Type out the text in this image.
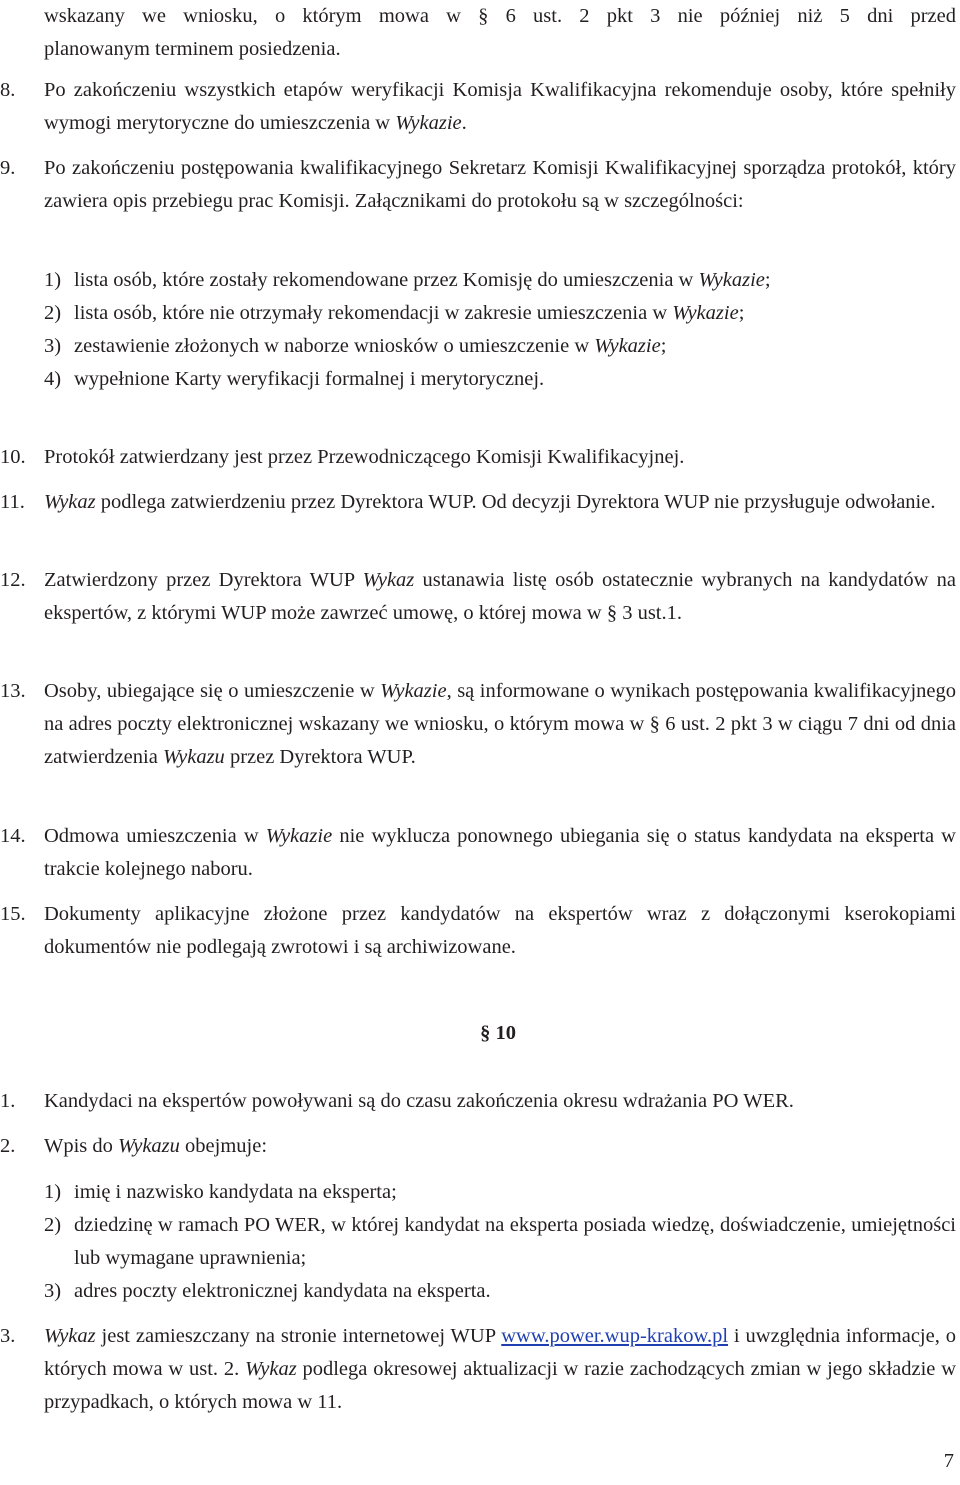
wskazany we wniosku, o którym mowa w § 6 ust. 2 pkt 3 nie później niż 5 dni przed
planowanym terminem posiedzenia.
8.	Po zakończeniu wszystkich etapów weryfikacji Komisja Kwalifikacyjna rekomenduje osoby, które spełniły wymogi merytoryczne do umieszczenia w Wykazie.
9.	Po zakończeniu postępowania kwalifikacyjnego Sekretarz Komisji Kwalifikacyjnej sporządza protokół, który zawiera opis przebiegu prac Komisji. Załącznikami do protokołu są w szczególności:
1) lista osób, które zostały rekomendowane przez Komisję do umieszczenia w Wykazie;
2) lista osób, które nie otrzymały rekomendacji w zakresie umieszczenia w Wykazie;
3) zestawienie złożonych w naborze wniosków o umieszczenie w Wykazie;
4) wypełnione Karty weryfikacji formalnej i merytorycznej.
10. Protokół zatwierdzany jest przez Przewodniczącego Komisji Kwalifikacyjnej.
11. Wykaz podlega zatwierdzeniu przez Dyrektora WUP. Od decyzji Dyrektora WUP nie przysługuje odwołanie.
12. Zatwierdzony przez Dyrektora WUP Wykaz ustanawia listę osób ostatecznie wybranych na kandydatów na ekspertów, z którymi WUP może zawrzeć umowę, o której mowa w § 3 ust.1.
13. Osoby, ubiegające się o umieszczenie w Wykazie, są informowane o wynikach postępowania kwalifikacyjnego na adres poczty elektronicznej wskazany we wniosku, o którym mowa w § 6 ust. 2 pkt 3 w ciągu 7 dni od dnia zatwierdzenia Wykazu przez Dyrektora WUP.
14. Odmowa umieszczenia w Wykazie nie wyklucza ponownego ubiegania się o status kandydata na eksperta w trakcie kolejnego naboru.
15. Dokumenty aplikacyjne złożone przez kandydatów na ekspertów wraz z dołączonymi kserokopiami dokumentów nie podlegają zwrotowi i są archiwizowane.
§ 10
1.	Kandydaci na ekspertów powoływani są do czasu zakończenia okresu wdrażania PO WER.
2.	Wpis do Wykazu obejmuje:
1) imię i nazwisko kandydata na eksperta;
2) dziedzinę w ramach PO WER, w której kandydat na eksperta posiada wiedzę, doświadczenie, umiejętności lub wymagane uprawnienia;
3) adres poczty elektronicznej kandydata na eksperta.
3.	Wykaz jest zamieszczany na stronie internetowej WUP www.power.wup-krakow.pl i uwzględnia informacje, o których mowa w ust. 2. Wykaz podlega okresowej aktualizacji w razie zachodzących zmian w jego składzie w przypadkach, o których mowa w 11.
7
